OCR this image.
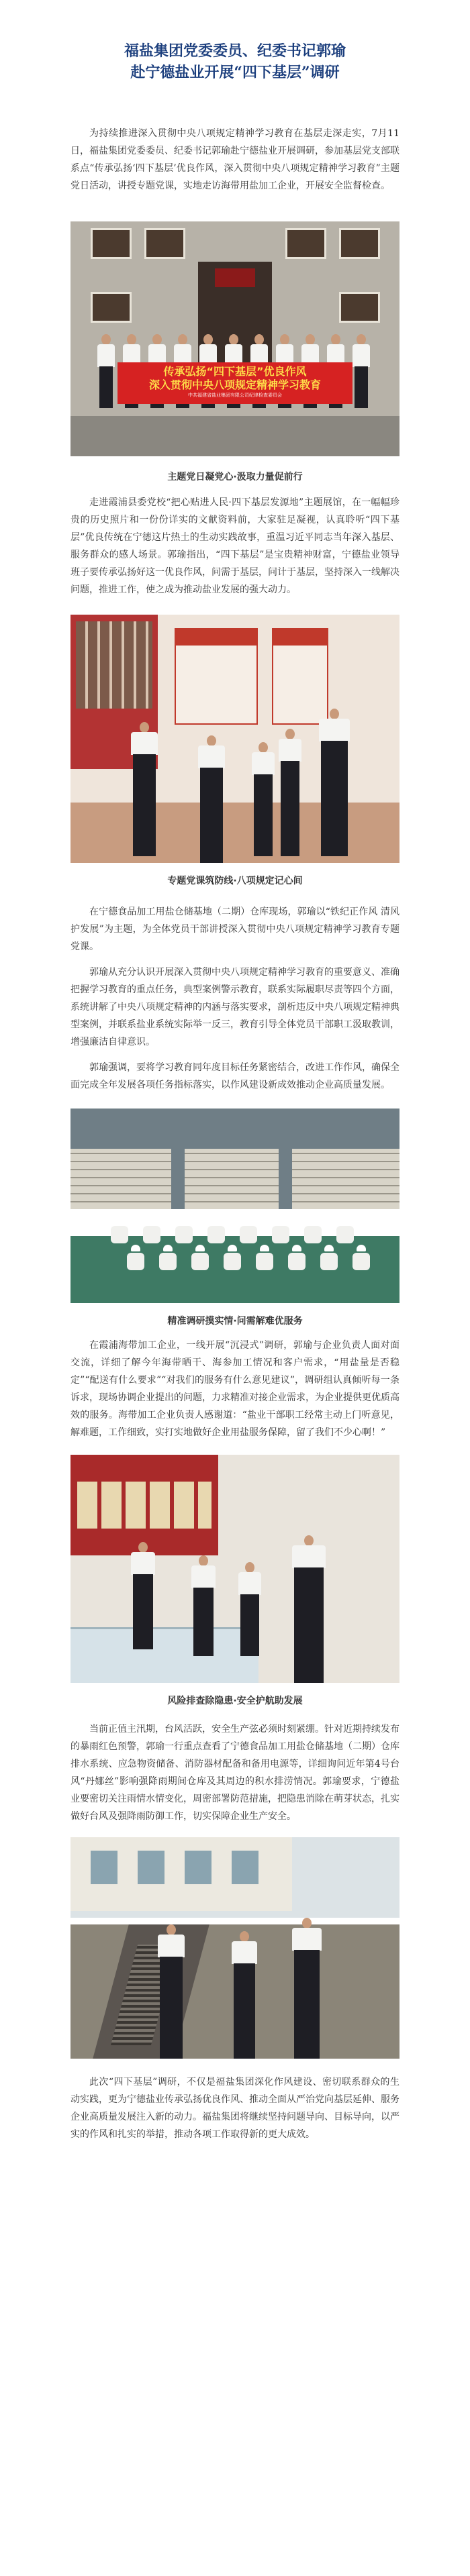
福盐集团党委委员、纪委书记郭瑜

赴宁德盐业开展“四下基层”调研

为持续推进深入贯彻中央八项规定精神学习教育在基层走深走实，7月11日，福盐集团党委委员、纪委书记郭瑜赴宁德盐业开展调研，参加基层党支部联系点“传承弘扬‘四下基层’优良作风，深入贯彻中央八项规定精神学习教育”主题党日活动，讲授专题党课，实地走访海带用盐加工企业，开展安全监督检查。

传承弘扬“四下基层”优良作风
深入贯彻中央八项规定精神学习教育
中共福建省盐业集团有限公司纪律检查委员会

主题党日凝党心·汲取力量促前行

走进霞浦县委党校“把心贴进人民·四下基层发源地”主题展馆，在一幅幅珍贵的历史照片和一份份详实的文献资料前，大家驻足凝视，认真聆听“四下基层”优良传统在宁德这片热土的生动实践故事，重温习近平同志当年深入基层、服务群众的感人场景。郭瑜指出，“四下基层”是宝贵精神财富，宁德盐业领导班子要传承弘扬好这一优良作风，问需于基层，问计于基层，坚持深入一线解决问题，推进工作，使之成为推动盐业发展的强大动力。

专题党课筑防线·八项规定记心间

在宁德食品加工用盐仓储基地（二期）仓库现场，郭瑜以“铁纪正作风 清风护发展”为主题，为全体党员干部讲授深入贯彻中央八项规定精神学习教育专题党课。

郭瑜从充分认识开展深入贯彻中央八项规定精神学习教育的重要意义、准确把握学习教育的重点任务，典型案例警示教育，联系实际履职尽责等四个方面，系统讲解了中央八项规定精神的内涵与落实要求，剖析违反中央八项规定精神典型案例，并联系盐业系统实际举一反三，教育引导全体党员干部职工汲取教训，增强廉洁自律意识。

郭瑜强调，要将学习教育同年度目标任务紧密结合，改进工作作风，确保全面完成全年发展各项任务指标落实，以作风建设新成效推动企业高质量发展。

精准调研摸实情·问需解难优服务

在霞浦海带加工企业，一线开展“沉浸式”调研，郭瑜与企业负责人面对面交流，详细了解今年海带晒干、海参加工情况和客户需求，“用盐量是否稳定”“配送有什么要求”“对我们的服务有什么意见建议”，调研组认真倾听每一条诉求，现场协调企业提出的问题，力求精准对接企业需求，为企业提供更优质高效的服务。海带加工企业负责人感谢道：“盐业干部职工经常主动上门听意见，解难题，工作细致，实打实地做好企业用盐服务保障，留了我们不少心啊！”

风险排查除隐患·安全护航助发展

当前正值主汛期，台风活跃，安全生产弦必须时刻紧绷。针对近期持续发布的暴雨红色预警，郭瑜一行重点查看了宁德食品加工用盐仓储基地（二期）仓库排水系统、应急物资储备、消防器材配备和备用电源等，详细询问近年第4号台风“丹娜丝”影响强降雨期间仓库及其周边的积水排涝情况。郭瑜要求，宁德盐业要密切关注雨情水情变化，周密部署防范措施，把隐患消除在萌芽状态，扎实做好台风及强降雨防御工作，切实保障企业生产安全。

此次“四下基层”调研，不仅是福盐集团深化作风建设、密切联系群众的生动实践，更为宁德盐业传承弘扬优良作风、推动全面从严治党向基层延伸、服务企业高质量发展注入新的动力。福盐集团将继续坚持问题导向、目标导向，以严实的作风和扎实的举措，推动各项工作取得新的更大成效。
